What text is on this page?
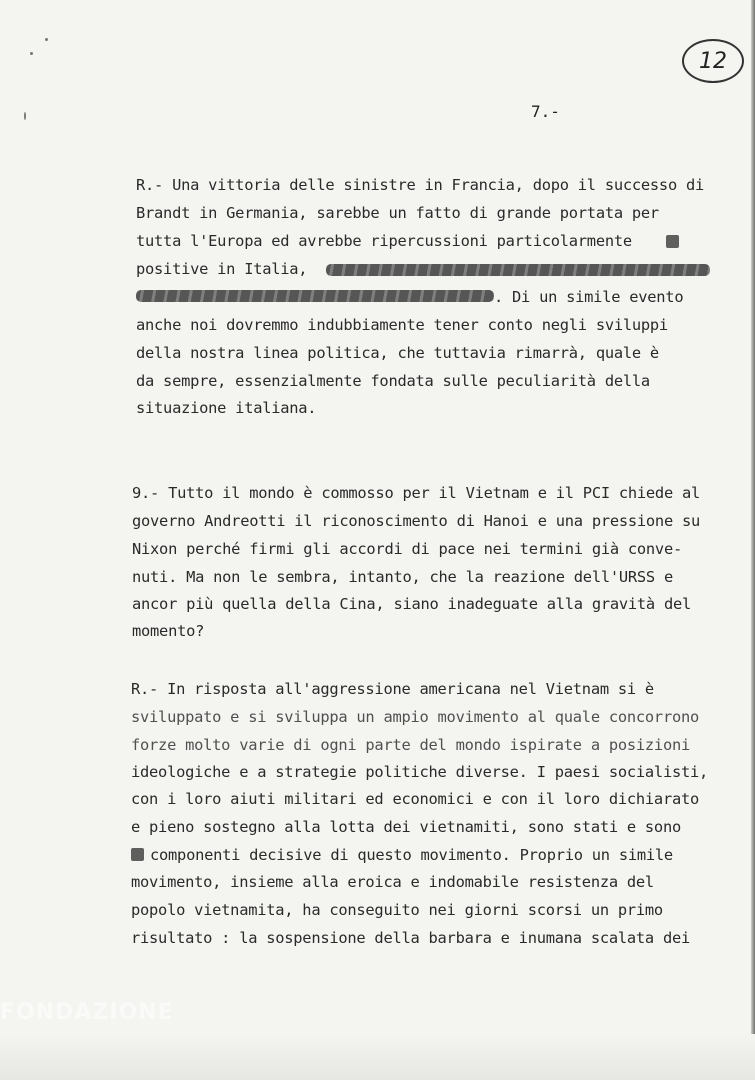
12
7.-
R.- Una vittoria delle sinistre in Francia, dopo il successo di
Brandt in Germania, sarebbe un fatto di grande portata per
tutta l'Europa ed avrebbe ripercussioni particolarmente
positive in Italia,
. Di un simile evento
anche noi dovremmo indubbiamente tener conto negli sviluppi
della nostra linea politica, che tuttavia rimarrà, quale è
da sempre, essenzialmente fondata sulle peculiarità della
situazione italiana.
9.- Tutto il mondo è commosso per il Vietnam e il PCI chiede al
governo Andreotti il riconoscimento di Hanoi e una pressione su
Nixon perché firmi gli accordi di pace nei termini già conve-
nuti. Ma non le sembra, intanto, che la reazione dell'URSS e
ancor più quella della Cina, siano inadeguate alla gravità del
momento?
R.- In risposta all'aggressione americana nel Vietnam si è
sviluppato e si sviluppa un ampio movimento al quale concorrono
forze molto varie di ogni parte del mondo ispirate a posizioni
ideologiche e a strategie politiche diverse. I paesi socialisti,
con i loro aiuti militari ed economici e con il loro dichiarato
e pieno sostegno alla lotta dei vietnamiti, sono stati e sono
componenti decisive di questo movimento. Proprio un simile
movimento, insieme alla eroica e indomabile resistenza del
popolo vietnamita, ha conseguito nei giorni scorsi un primo
risultato : la sospensione della barbara e inumana scalata dei
FONDAZIONE
